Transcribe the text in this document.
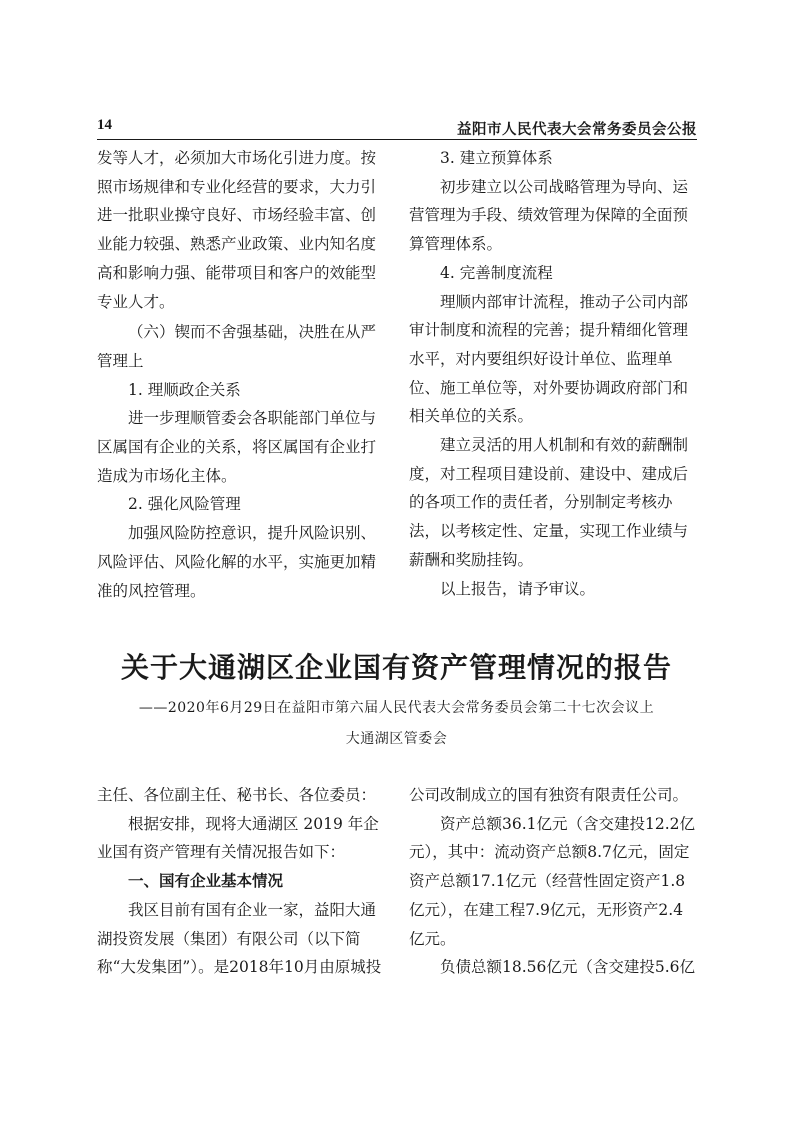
14	益阳市人民代表大会常务委员会公报

发等人才，必须加大市场化引进力度。按照市场规律和专业化经营的要求，大力引进一批职业操守良好、市场经验丰富、创业能力较强、熟悉产业政策、业内知名度高和影响力强、能带项目和客户的效能型专业人才。

（六）锲而不舍强基础，决胜在从严管理上

1. 理顺政企关系

进一步理顺管委会各职能部门单位与区属国有企业的关系，将区属国有企业打造成为市场化主体。

2. 强化风险管理

加强风险防控意识，提升风险识别、风险评估、风险化解的水平，实施更加精准的风控管理。

3. 建立预算体系

初步建立以公司战略管理为导向、运营管理为手段、绩效管理为保障的全面预算管理体系。

4. 完善制度流程

理顺内部审计流程，推动子公司内部审计制度和流程的完善；提升精细化管理水平，对内要组织好设计单位、监理单位、施工单位等，对外要协调政府部门和相关单位的关系。

建立灵活的用人机制和有效的薪酬制度，对工程项目建设前、建设中、建成后的各项工作的责任者，分别制定考核办法，以考核定性、定量，实现工作业绩与薪酬和奖励挂钩。

以上报告，请予审议。

关于大通湖区企业国有资产管理情况的报告
——2020年6月29日在益阳市第六届人民代表大会常务委员会第二十七次会议上
大通湖区管委会

主任、各位副主任、秘书长、各位委员：

根据安排，现将大通湖区 2019 年企业国有资产管理有关情况报告如下：

一、国有企业基本情况

我区目前有国有企业一家，益阳大通湖投资发展（集团）有限公司（以下简称“大发集团”）。是2018年10月由原城投

公司改制成立的国有独资有限责任公司。

资产总额36.1亿元（含交建投12.2亿元），其中：流动资产总额8.7亿元，固定资产总额17.1亿元（经营性固定资产1.8亿元），在建工程7.9亿元，无形资产2.4亿元。

负债总额18.56亿元（含交建投5.6亿
